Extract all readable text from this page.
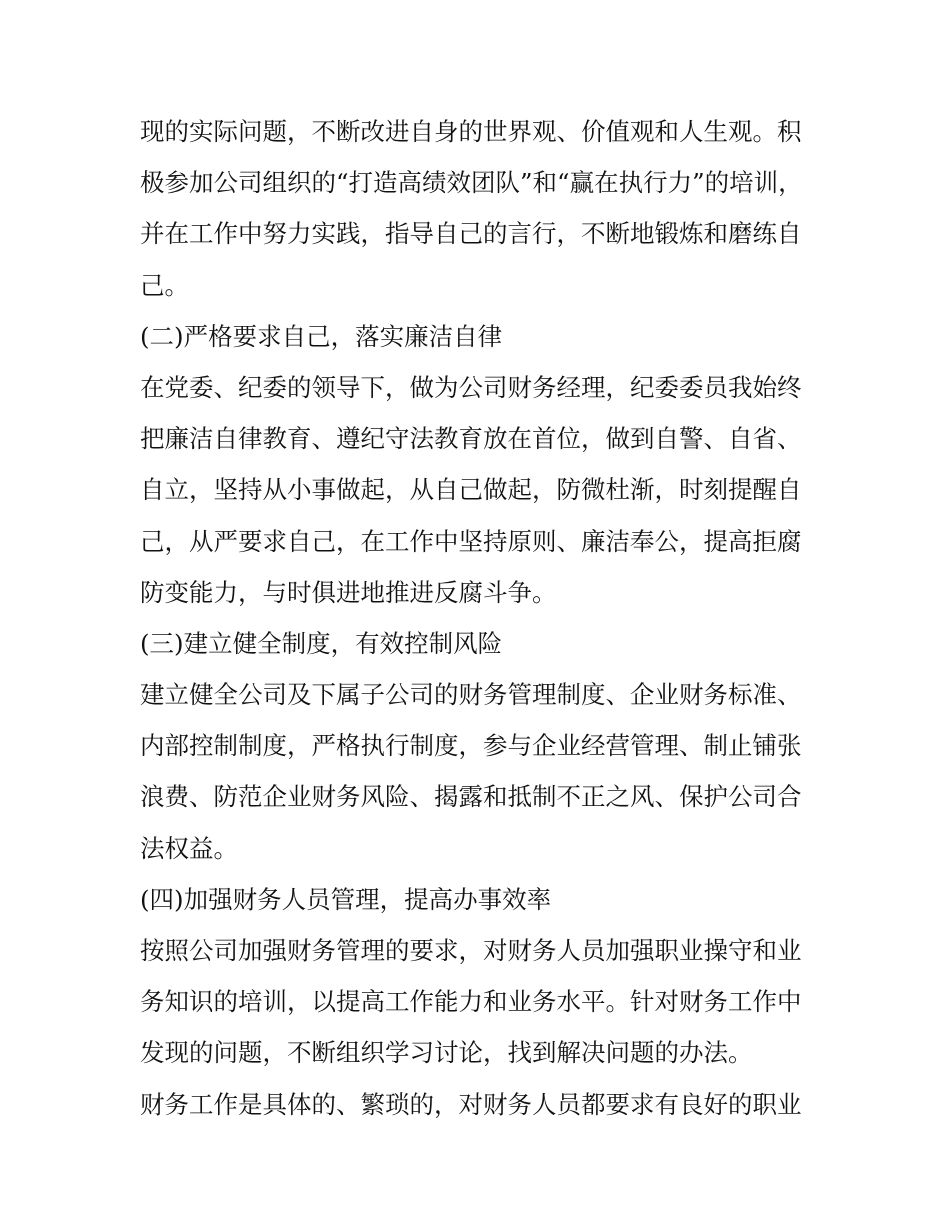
现的实际问题，不断改进自身的世界观、价值观和人生观。积
极参加公司组织的“打造高绩效团队”和“赢在执行力”的培训，
并在工作中努力实践，指导自己的言行，不断地锻炼和磨练自
己。
(二)严格要求自己，落实廉洁自律
在党委、纪委的领导下，做为公司财务经理，纪委委员我始终
把廉洁自律教育、遵纪守法教育放在首位，做到自警、自省、
自立，坚持从小事做起，从自己做起，防微杜渐，时刻提醒自
己，从严要求自己，在工作中坚持原则、廉洁奉公，提高拒腐
防变能力，与时俱进地推进反腐斗争。
(三)建立健全制度，有效控制风险
建立健全公司及下属子公司的财务管理制度、企业财务标准、
内部控制制度，严格执行制度，参与企业经营管理、制止铺张
浪费、防范企业财务风险、揭露和抵制不正之风、保护公司合
法权益。
(四)加强财务人员管理，提高办事效率
按照公司加强财务管理的要求，对财务人员加强职业操守和业
务知识的培训，以提高工作能力和业务水平。针对财务工作中
发现的问题，不断组织学习讨论，找到解决问题的办法。
财务工作是具体的、繁琐的，对财务人员都要求有良好的职业
